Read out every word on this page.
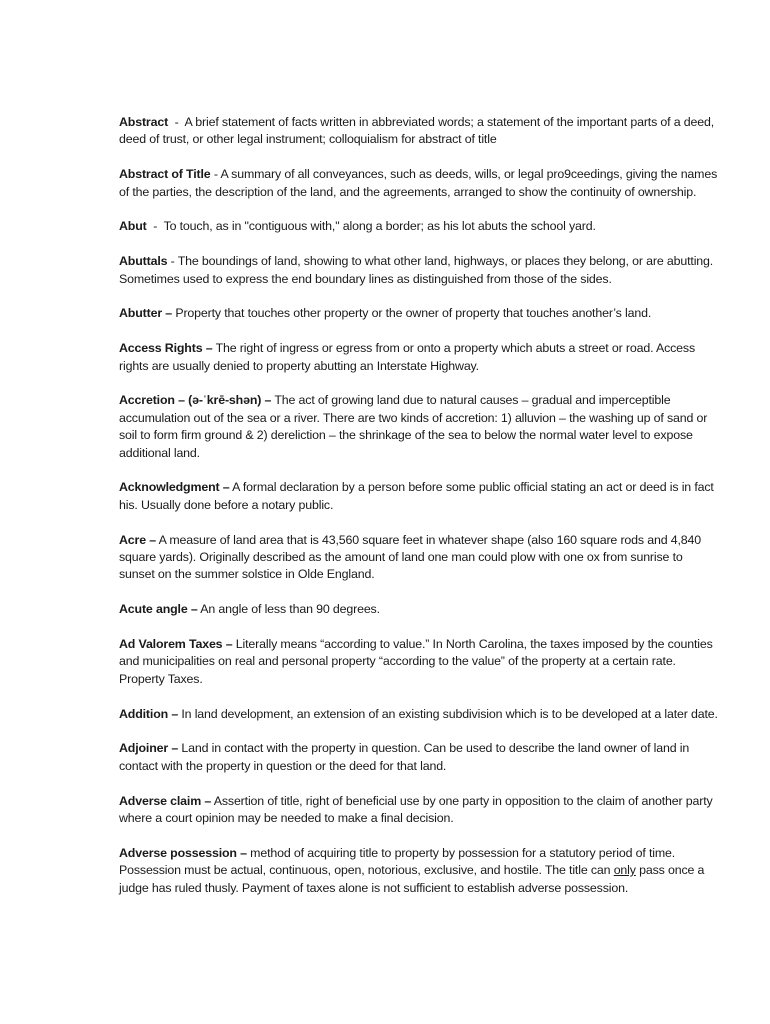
Abstract  -  A brief statement of facts written in abbreviated words; a statement of the important parts of a deed, deed of trust, or other legal instrument; colloquialism for abstract of title

Abstract of Title - A summary of all conveyances, such as deeds, wills, or legal pro9ceedings, giving the names of the parties, the description of the land, and the agreements, arranged to show the continuity of ownership.

Abut  -  To touch, as in "contiguous with," along a border; as his lot abuts the school yard.

Abuttals - The boundings of land, showing to what other land, highways, or places they belong, or are abutting. Sometimes used to express the end boundary lines as distinguished from those of the sides.

Abutter – Property that touches other property or the owner of property that touches another’s land.

Access Rights – The right of ingress or egress from or onto a property which abuts a street or road. Access rights are usually denied to property abutting an Interstate Highway.

Accretion – (ə-ˈkrē-shən) – The act of growing land due to natural causes – gradual and imperceptible accumulation out of the sea or a river. There are two kinds of accretion: 1) alluvion – the washing up of sand or soil to form firm ground & 2) dereliction – the shrinkage of the sea to below the normal water level to expose additional land.

Acknowledgment – A formal declaration by a person before some public official stating an act or deed is in fact his. Usually done before a notary public.

Acre – A measure of land area that is 43,560 square feet in whatever shape (also 160 square rods and 4,840 square yards). Originally described as the amount of land one man could plow with one ox from sunrise to sunset on the summer solstice in Olde England.

Acute angle – An angle of less than 90 degrees.

Ad Valorem Taxes – Literally means “according to value.” In North Carolina, the taxes imposed by the counties and municipalities on real and personal property “according to the value” of the property at a certain rate. Property Taxes.

Addition – In land development, an extension of an existing subdivision which is to be developed at a later date.

Adjoiner – Land in contact with the property in question. Can be used to describe the land owner of land in contact with the property in question or the deed for that land.

Adverse claim – Assertion of title, right of beneficial use by one party in opposition to the claim of another party where a court opinion may be needed to make a final decision.

Adverse possession – method of acquiring title to property by possession for a statutory period of time. Possession must be actual, continuous, open, notorious, exclusive, and hostile. The title can only pass once a judge has ruled thusly. Payment of taxes alone is not sufficient to establish adverse possession.
